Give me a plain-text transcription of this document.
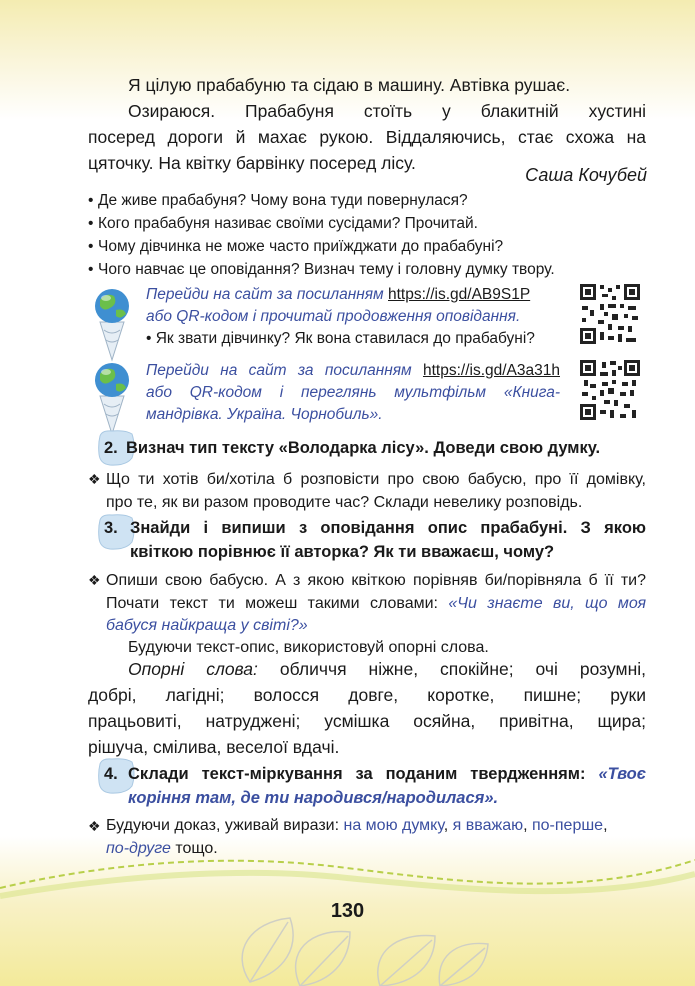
Я цілую прабабуню та сідаю в машину. Автівка рушає.
Озираюся. Прабабуня стоїть у блакитній хустині
посеред дороги й махає рукою. Віддаляючись, стає схожа на
цяточку. На квітку барвінку посеред лісу.
Саша Кочубей
• Де живе прабабуня? Чому вона туди повернулася?
• Кого прабабуня називає своїми сусідами? Прочитай.
• Чому дівчинка не може часто приїжджати до прабабуні?
• Чого навчає це оповідання? Визнач тему і головну думку твору.
Перейди на сайт за посиланням https://is.gd/AB9S1P
або QR-кодом і прочитай продовження оповідання.
• Як звати дівчинку? Як вона ставилася до прабабуні?
Перейди на сайт за посиланням https://is.gd/A3a31h
або QR-кодом і переглянь мультфільм «Книга-
мандрівка. Україна. Чорнобиль».
2. Визнач тип тексту «Володарка лісу». Доведи свою думку.
❖ Що ти хотів би/хотіла б розповісти про свою бабусю, про її домівку,
про те, як ви разом проводите час? Склади невелику розповідь.
3. Знайди і випиши з оповідання опис прабабуні. З якою
квіткою порівнює її авторка? Як ти вважаєш, чому?
❖ Опиши свою бабусю. А з якою квіткою порівняв би/порівняла б її ти?
Почати текст ти можеш такими словами: «Чи знаєте ви, що моя
бабуся найкраща у світі?»
Будуючи текст-опис, використовуй опорні слова.
Опорні слова: обличчя ніжне, спокійне; очі розумні,
добрі, лагідні; волосся довге, коротке, пишне; руки
працьовиті, натруджені; усмішка осяйна, привітна, щира;
рішуча, смілива, веселої вдачі.
4. Склади текст-міркування за поданим твердженням: «Твоє
коріння там, де ти народився/народилася».
❖ Будуючи доказ, уживай вирази: на мою думку, я вважаю, по-перше,
по-друге тощо.
130
